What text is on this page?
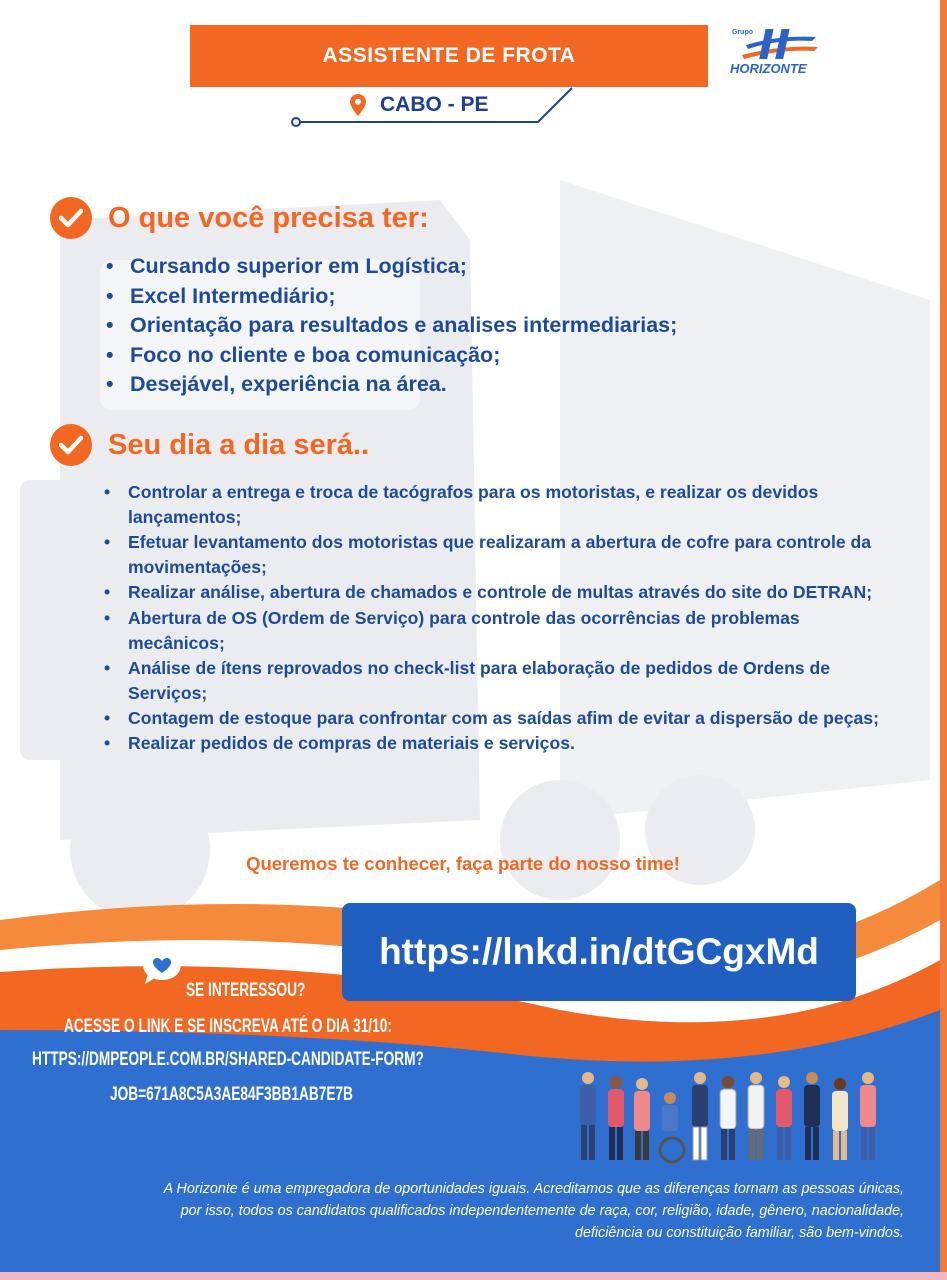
ASSISTENTE DE FROTA
CABO - PE
Grupo
HORIZONTE
O que você precisa ter:
• Cursando superior em Logística;
• Excel Intermediário;
• Orientação para resultados e analises intermediarias;
• Foco no cliente e boa comunicação;
• Desejável, experiência na área.
Seu dia a dia será..
• Controlar a entrega e troca de tacógrafos para os motoristas, e realizar os devidos lançamentos;
• Efetuar levantamento dos motoristas que realizaram a abertura de cofre para controle da movimentações;
• Realizar análise, abertura de chamados e controle de multas através do site do DETRAN;
• Abertura de OS (Ordem de Serviço) para controle das ocorrências de problemas mecânicos;
• Análise de ítens reprovados no check-list para elaboração de pedidos de Ordens de Serviços;
• Contagem de estoque para confrontar com as saídas afim de evitar a dispersão de peças;
• Realizar pedidos de compras de materiais e serviços.
Queremos te conhecer, faça parte do nosso time!
https://lnkd.in/dtGCgxMd
✦·
SE INTERESSOU?
ACESSE O LINK E SE INSCREVA ATÉ O DIA 31/10:
HTTPS://DMPEOPLE.COM.BR/SHARED-CANDIDATE-FORM?
JOB=671A8C5A3AE84F3BB1AB7E7B
A Horizonte é uma empregadora de oportunidades iguais. Acreditamos que as diferenças tornam as pessoas únicas,
por isso, todos os candidatos qualificados independentemente de raça, cor, religião, idade, gênero, nacionalidade,
deficiência ou constituição familiar, são bem-vindos.
